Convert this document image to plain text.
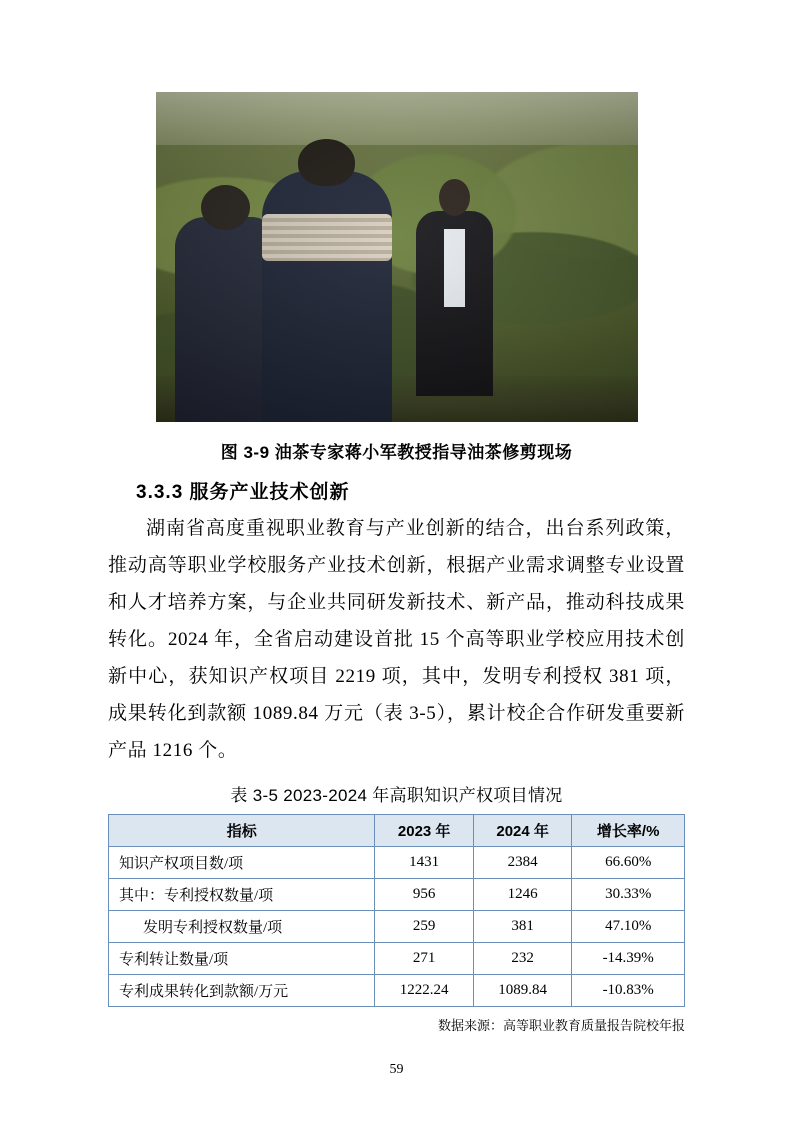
图 3-9 油茶专家蒋小军教授指导油茶修剪现场
3.3.3 服务产业技术创新

湖南省高度重视职业教育与产业创新的结合，出台系列政策，推动高等职业学校服务产业技术创新，根据产业需求调整专业设置和人才培养方案，与企业共同研发新技术、新产品，推动科技成果转化。2024 年，全省启动建设首批 15 个高等职业学校应用技术创新中心，获知识产权项目 2219 项，其中，发明专利授权 381 项，成果转化到款额 1089.84 万元（表 3-5），累计校企合作研发重要新产品 1216 个。

表 3-5 2023-2024 年高职知识产权项目情况
指标	2023 年	2024 年	增长率/%
知识产权项目数/项	1431	2384	66.60%
其中：专利授权数量/项	956	1246	30.33%
发明专利授权数量/项	259	381	47.10%
专利转让数量/项	271	232	-14.39%
专利成果转化到款额/万元	1222.24	1089.84	-10.83%
数据来源：高等职业教育质量报告院校年报
59
